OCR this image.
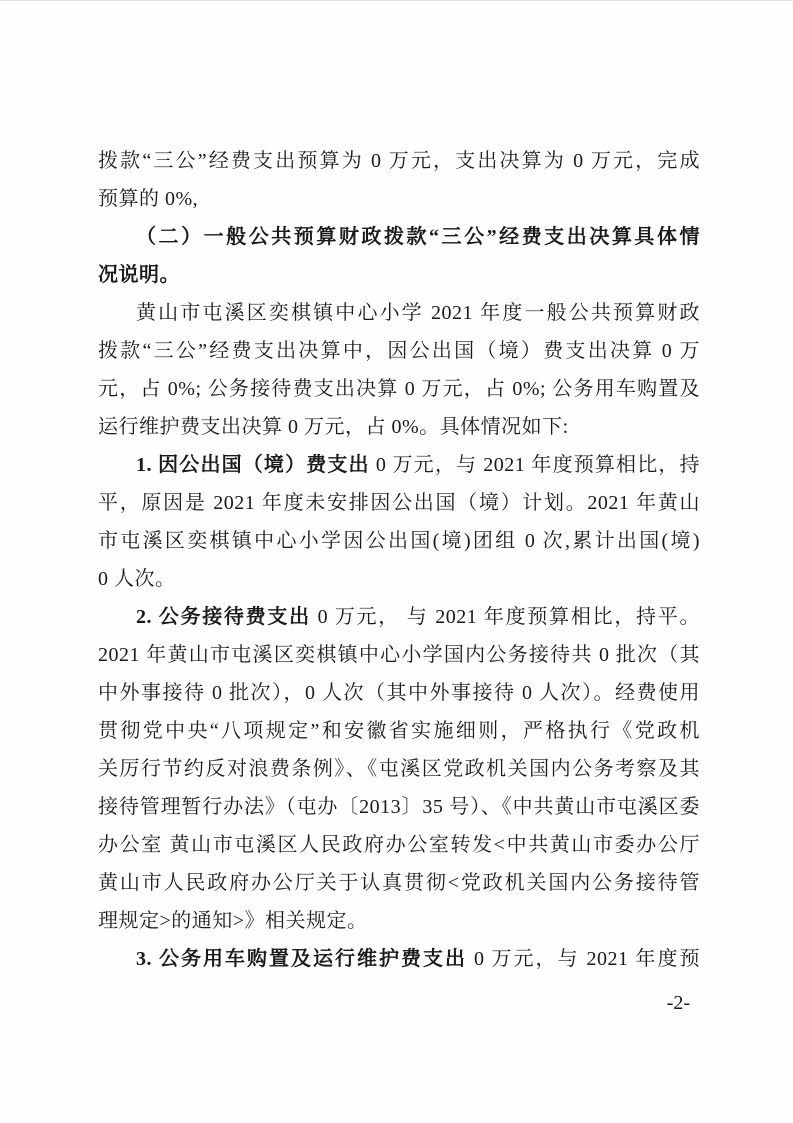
拨款“三公”经费支出预算为 0 万元，支出决算为 0 万元，完成
预算的 0%,
（二）一般公共预算财政拨款“三公”经费支出决算具体情
况说明。
黄山市屯溪区奕棋镇中心小学 2021 年度一般公共预算财政
拨款“三公”经费支出决算中，因公出国（境）费支出决算 0 万
元，占 0%; 公务接待费支出决算 0 万元，占 0%; 公务用车购置及
运行维护费支出决算 0 万元，占 0%。具体情况如下:
1. 因公出国（境）费支出 0 万元，与 2021 年度预算相比，持
平，原因是 2021 年度未安排因公出国（境）计划。2021 年黄山
市屯溪区奕棋镇中心小学因公出国(境)团组 0 次,累计出国(境)
0 人次。
2. 公务接待费支出 0 万元， 与 2021 年度预算相比，持平。
2021 年黄山市屯溪区奕棋镇中心小学国内公务接待共 0 批次（其
中外事接待 0 批次），0 人次（其中外事接待 0 人次）。经费使用
贯彻党中央“八项规定”和安徽省实施细则，严格执行《党政机
关厉行节约反对浪费条例》、《屯溪区党政机关国内公务考察及其
接待管理暂行办法》（屯办〔2013〕35 号）、《中共黄山市屯溪区委
办公室 黄山市屯溪区人民政府办公室转发<中共黄山市委办公厅
黄山市人民政府办公厅关于认真贯彻<党政机关国内公务接待管
理规定>的通知>》相关规定。
3. 公务用车购置及运行维护费支出 0 万元，与 2021 年度预
-2-
